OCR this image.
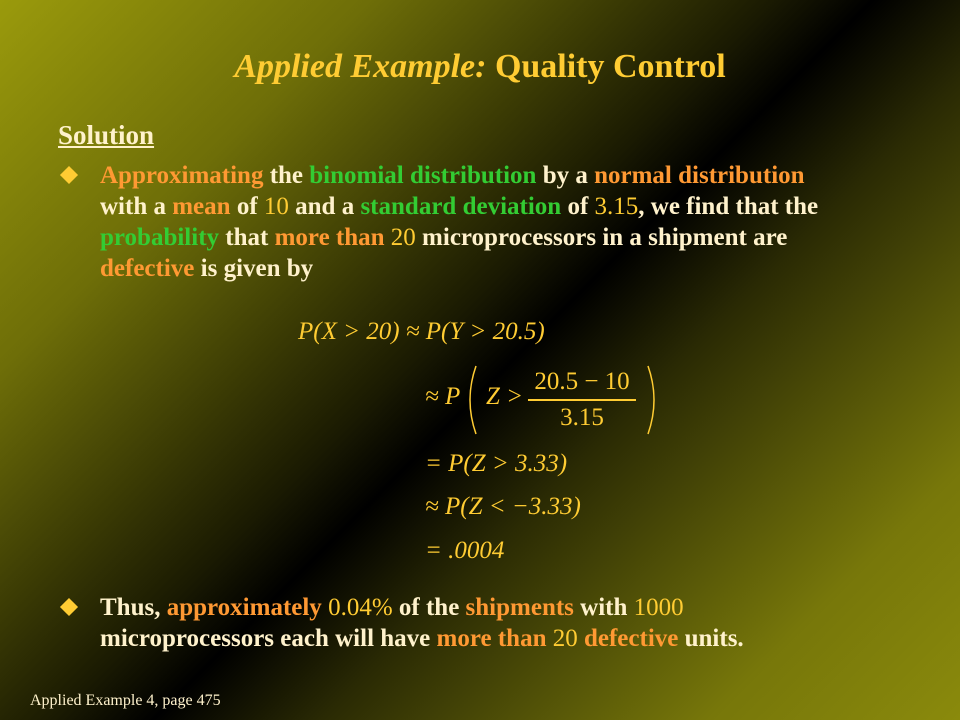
Applied Example: Quality Control
Solution
Approximating the binomial distribution by a normal distribution with a mean of 10 and a standard deviation of 3.15, we find that the probability that more than 20 microprocessors in a shipment are defective is given by
P(X > 20) ≈ P(Y > 20.5)
≈ P Z >
20.5 − 10
3.15
= P(Z > 3.33)
≈ P(Z < −3.33)
= .0004
Thus, approximately 0.04% of the shipments with 1000 microprocessors each will have more than 20 defective units.
Applied Example 4, page 475
